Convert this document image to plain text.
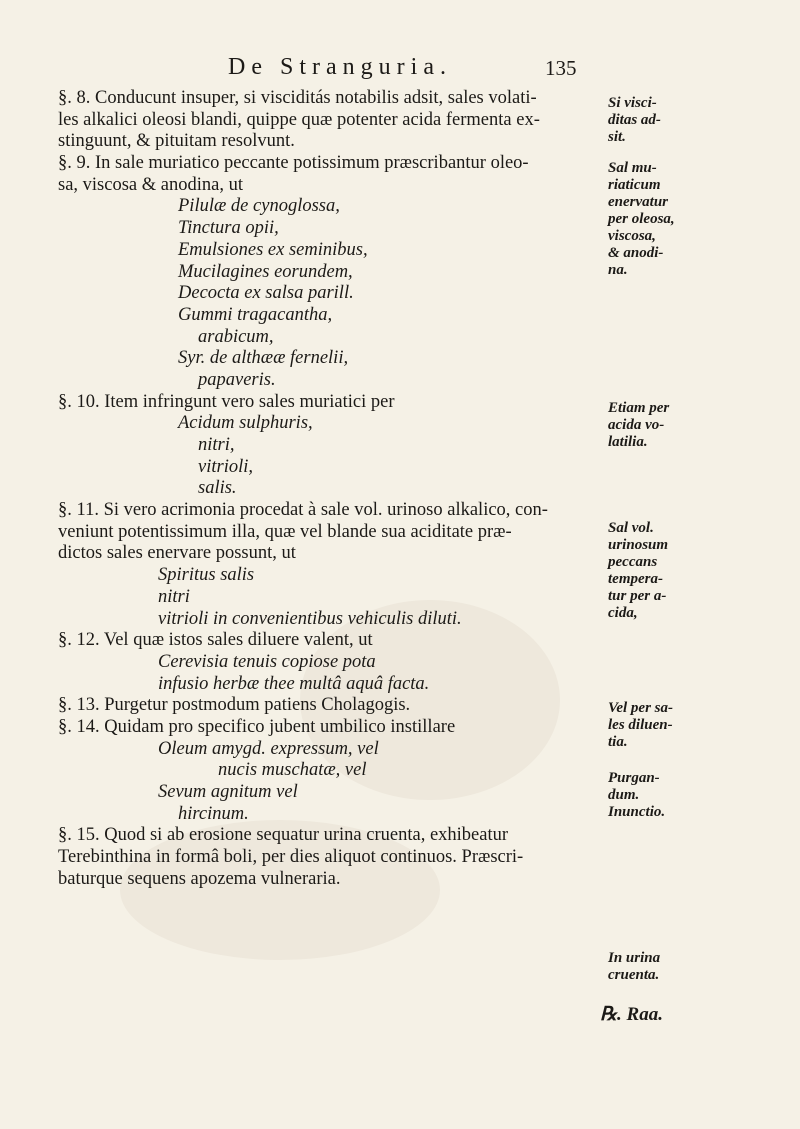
De Stranguria.	135
§. 8. Conducunt insuper, si visciditás notabilis adsit, sales volati-
les alkalici oleosi blandi, quippe quæ potenter acida fermenta ex-
stinguunt, & pituitam resolvunt.
§. 9. In sale muriatico peccante potissimum præscribantur oleo-
sa, viscosa & anodina, ut
Pilulæ de cynoglossa,
Tinctura opii,
Emulsiones ex seminibus,
Mucilagines eorundem,
Decocta ex salsa parill.
Gummi tragacantha,
arabicum,
Syr. de althææ fernelii,
papaveris.
§. 10. Item infringunt vero sales muriatici per
Acidum sulphuris,
nitri,
vitrioli,
salis.
§. 11. Si vero acrimonia procedat à sale vol. urinoso alkalico, con-
veniunt potentissimum illa, quæ vel blande sua aciditate præ-
dictos sales enervare possunt, ut
Spiritus salis
nitri
vitrioli in convenientibus vehiculis diluti.
§. 12. Vel quæ istos sales diluere valent, ut
Cerevisia tenuis copiose pota
infusio herbæ thee multâ aquâ facta.
§. 13. Purgetur postmodum patiens Cholagogis.
§. 14. Quidam pro specifico jubent umbilico instillare
Oleum amygd. expressum, vel
nucis muschatæ, vel
Sevum agnitum vel
hircinum.
§. 15. Quod si ab erosione sequatur urina cruenta, exhibeatur
Terebinthina in formâ boli, per dies aliquot continuos. Præscri-
baturque sequens apozema vulneraria.
Si visci-
ditas ad-
sit.
Sal mu-
riaticum
enervatur
per oleosa,
viscosa,
& anodi-
na.
Etiam per
acida vo-
latilia.
Sal vol.
urinosum
peccans
tempera-
tur per a-
cida,
Vel per sa-
les diluen-
tia.
Purgan-
dum.
Inunctio.
In urina
cruenta.
℞. Raa.
